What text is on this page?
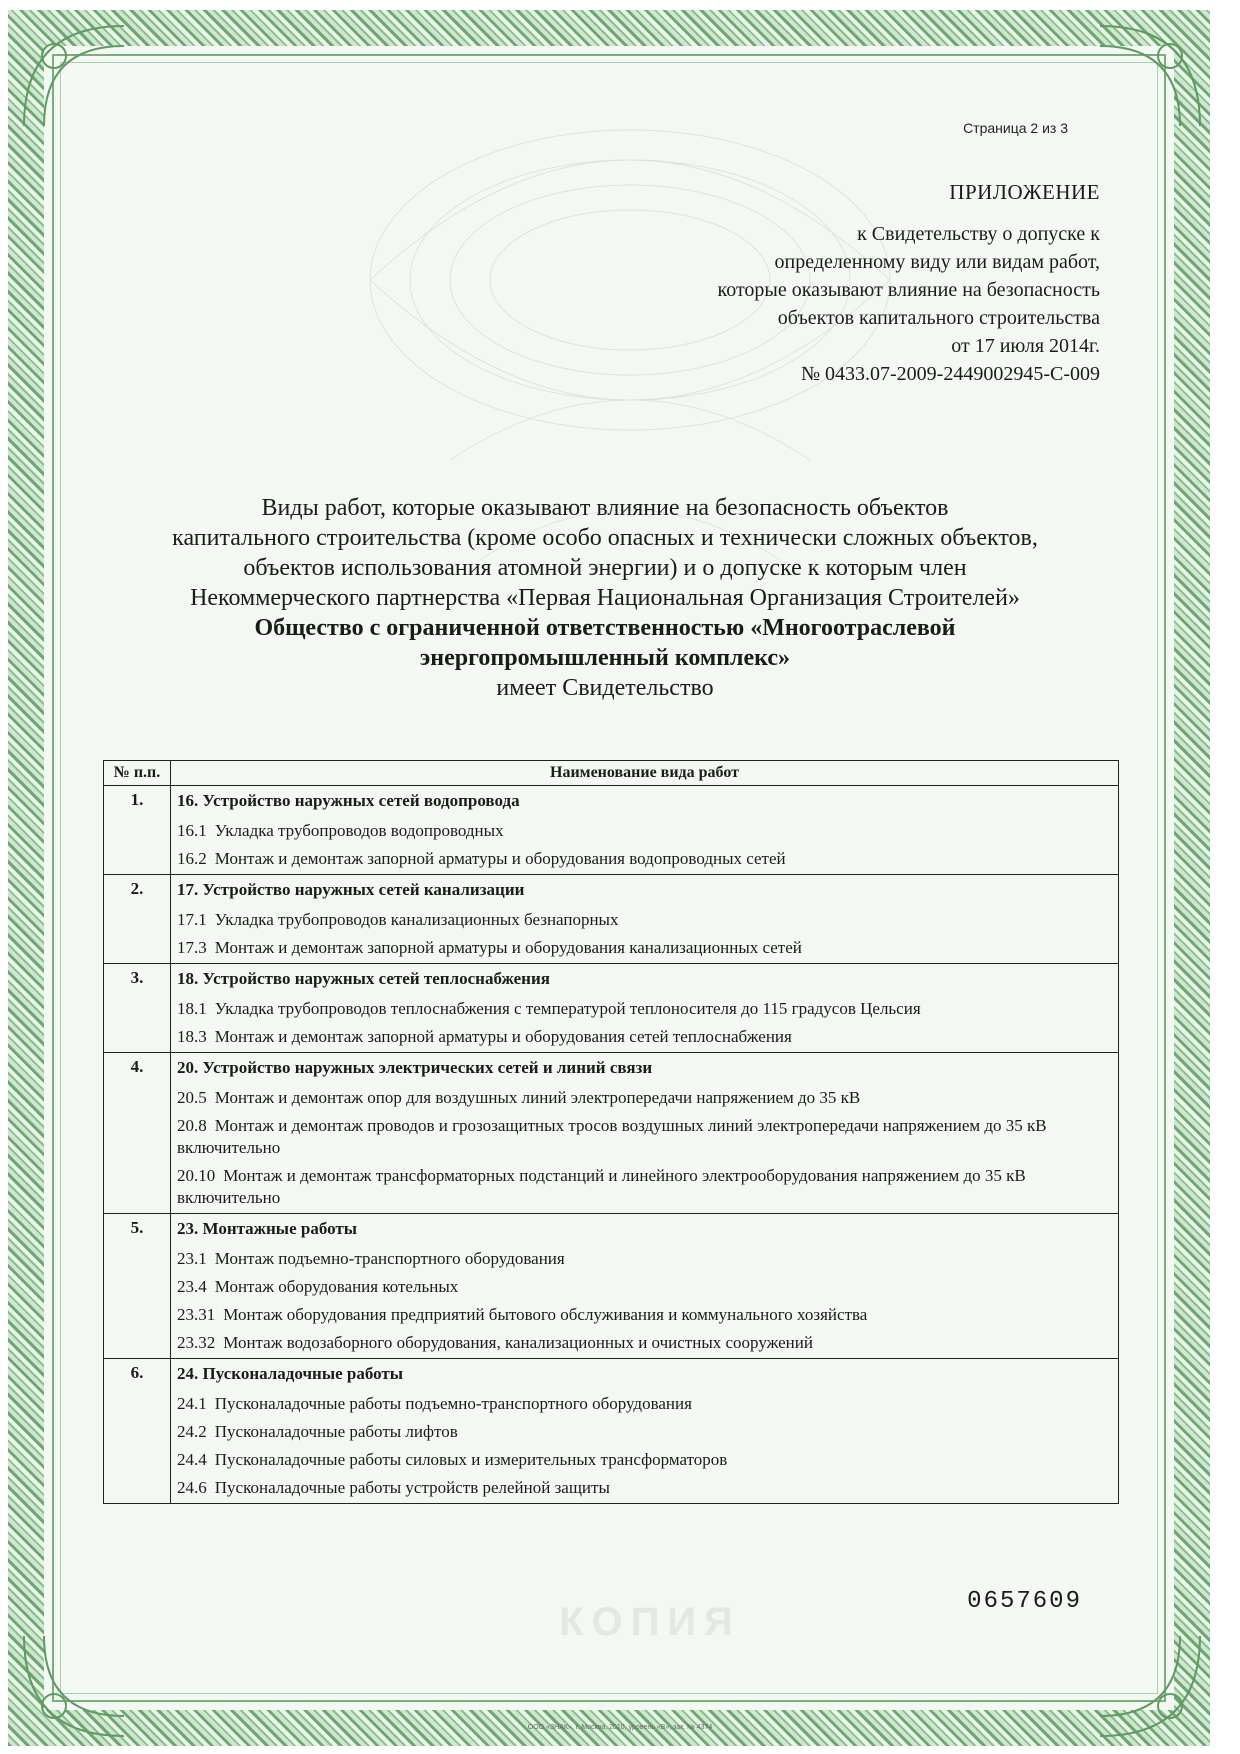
Страница 2 из 3
ПРИЛОЖЕНИЕ
к Свидетельству о допуске к
определенному виду или видам работ,
которые оказывают влияние на безопасность
объектов капитального строительства
от 17 июля 2014г.
№ 0433.07-2009-2449002945-С-009
Виды работ, которые оказывают влияние на безопасность объектов
капитального строительства (кроме особо опасных и технически сложных объектов,
объектов использования атомной энергии) и о допуске к которым член
Некоммерческого партнерства «Первая Национальная Организация Строителей»
Общество с ограниченной ответственностью «Многоотраслевой
энергопромышленный комплекс»
имеет Свидетельство
№ п.п.	Наименование вида работ
1.	16. Устройство наружных сетей водопровода
16.1 Укладка трубопроводов водопроводных
16.2 Монтаж и демонтаж запорной арматуры и оборудования водопроводных сетей

2.	17. Устройство наружных сетей канализации
17.1 Укладка трубопроводов канализационных безнапорных
17.3 Монтаж и демонтаж запорной арматуры и оборудования канализационных сетей

3.	18. Устройство наружных сетей теплоснабжения
18.1 Укладка трубопроводов теплоснабжения с температурой теплоносителя до 115 градусов Цельсия
18.3 Монтаж и демонтаж запорной арматуры и оборудования сетей теплоснабжения

4.	20. Устройство наружных электрических сетей и линий связи
20.5 Монтаж и демонтаж опор для воздушных линий электропередачи напряжением до 35 кВ
20.8 Монтаж и демонтаж проводов и грозозащитных тросов воздушных линий электропередачи напряжением до 35 кВ включительно
20.10 Монтаж и демонтаж трансформаторных подстанций и линейного электрооборудования напряжением до 35 кВ включительно

5.	23. Монтажные работы
23.1 Монтаж подъемно-транспортного оборудования
23.4 Монтаж оборудования котельных
23.31 Монтаж оборудования предприятий бытового обслуживания и коммунального хозяйства
23.32 Монтаж водозаборного оборудования, канализационных и очистных сооружений

6.	24. Пусконаладочные работы
24.1 Пусконаладочные работы подъемно-транспортного оборудования
24.2 Пусконаладочные работы лифтов
24.4 Пусконаладочные работы силовых и измерительных трансформаторов
24.6 Пусконаладочные работы устройств релейной защиты
КОПИЯ	0657609
ООО «ЗНАК», г. Москва, 2010, уровень «В», зак. № 4374
